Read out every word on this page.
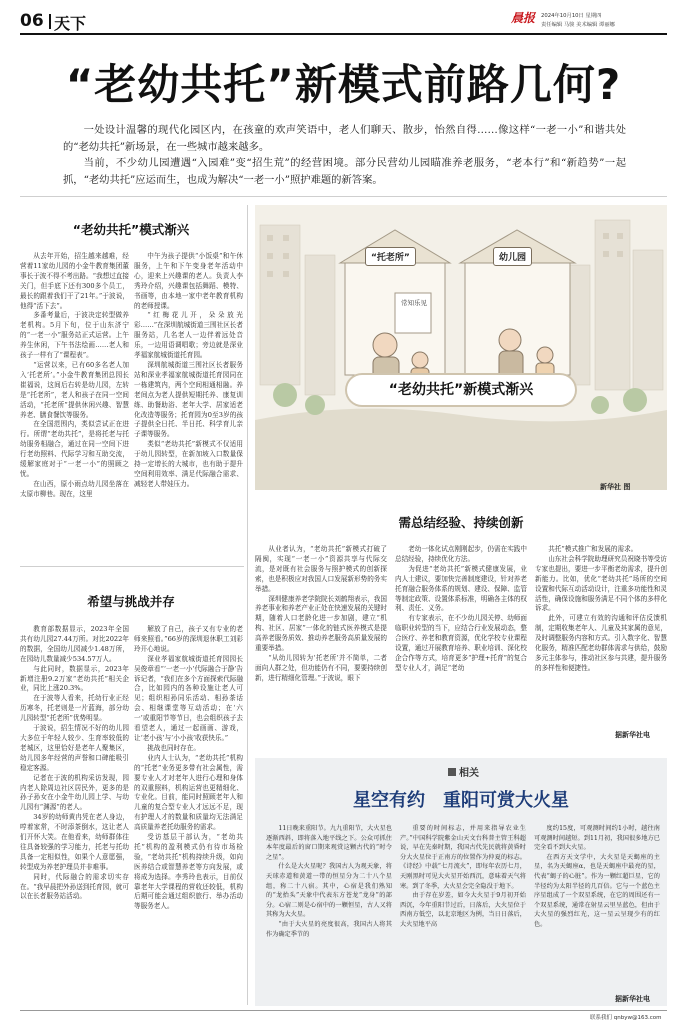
06 天下	晨报 2024年10月10日 星期四
责任编辑 马骏 美术编辑 谭丽娜
“老幼共托”新模式前路几何?

一处设计温馨的现代化园区内，在孩童的欢声笑语中，老人们聊天、散步，怡然自得……像这样“一老一小”和谐共处的“老幼共托”新场景，在一些城市越来越多。

当前，不少幼儿园遭遇“入园难”变“招生荒”的经营困境。部分民营幼儿园瞄准养老服务，“老本行”和“新趋势”一起抓，“老幼共托”应运而生，也成为解决“一老一小”照护难题的新答案。

“老幼共托”模式渐兴

从去年开始，招生越来越难，经营着11家幼儿园的小金牛教育集团董事长于波不得不考出路。“我想过直接关门，但手底下还有300多个员工，最长的跟着我们干了21年。”于波说，他得“活下去”。

多番考量后，于波决定转型做养老机构。5月下旬，位于山东济宁的“一老一小”服务站正式运营。上午养生休闲，下午书法绘画……老人和孩子一样有了“课程表”。

“运营以来，已有60多名老人加入‘托老所’。”小金牛教育集团总园长崔福说，这间后右转是幼儿园，左转是“托老所”，老人和孩子在同一空间活动，“托老所”提供休闲兴趣、智慧养老、膳食餐饮等服务。

在全国范围内，类似尝试正在进行。所谓“老幼共托”，是将托老与托幼服务相融合，通过在同一空间下进行老幼照料、代际学习和互助交流，缓解家庭对于“一老一小”的照顾之忧。

在山西，原小雨点幼儿园坐落在太原市柳巷。现在，这里

中午为孩子提供“小饭桌”和午休服务，上午和下午变身老年活动中心，迎来上兴趣课的老人。负责人李秀玲介绍，兴趣课包括舞蹈、模特、书画等，由本地一家中老年教育机构的老师授课。

“红梅花儿开，朵朵放光彩……”在深圳航城街道三围社区长者服务站，几名老人一边伴着远处音乐，一边用语调唱歌；旁边就是深业孝福家航城街道托育园。

深圳航城街道三围社区长者服务站和深业孝福家航城街道托育园同在一栋建筑内，两个空间相通相融。养老间点为老人提供短期托养、康复训练、助餐助浴、老年大学、居家适老化改造等服务；托育园为0至3岁的孩子提供全日托、半日托、科学育儿亲子课等服务。

类似“老幼共托”新模式不仅适用于幼儿园转型，在新加坡入口数量保持一定增长的大城市，也有助于提升空间利用效率、满足代际融合需求、减轻老人带娃压力。

“托老所”	幼儿园
常知乐见
“老幼共托”新模式渐兴
新华社 图
希望与挑战并存

教育部数据显示，2023年全国共有幼儿园27.44万所。对比2022年的数据，全国幼儿园减少1.48万所，在园幼儿数量减少534.57万人。

与此同时，数据显示，2023年新增注册9.2万家“老幼共托”相关企业，同比上涨20.3%。

在于波等人看来，托幼行业正经历寒冬，托老则是一片蓝海，部分幼儿园转型“托老所”优势明显。

于波说，招生情况不好的幼儿园大多位于年轻人较少、生育率较低的老城区，这里恰好是老年人聚集区，幼儿园多年经营的声誉和口碑能吸引稳定客源。

记者在于波的机构采访发现，园内老人除周边社区居民外，更多的是孙子孙女在小金牛幼儿园上学、与幼儿园有“渊源”的老人。

34岁的幼师黄冉凭在老人身边，哼着家常，不时添茶倒水，这让老人们开怀大笑。在他看来，幼师群体往往具备较强的学习能力，托老与托幼具备一定相似性，如果个人意愿强，转型成为养老护理员并非难事。

同时，代际融合的需求切实存在。“我早晨把外孙送到托育园，就可以在长者服务站活动。

解放了自己，孩子又有专业的老师来照看。”66岁的深圳退休职工刘彩玲开心地说。

深业孝福家航城街道托育园园长吴俊章看“‘一老一小’代际融合于静’告诉记者，“我们在多个方面探索代际融合，比如园内的各种设施让老人可见；组织相孙同乐活动、相孙茶话会、相继课堂等互动活动；在‘六一’或重阳节等节日，也会组织孩子去看望老人，通过一起画画、游戏，让‘老小孩’与‘小小孩’收获快乐。”

挑战也同时存在。

业内人士认为，“老幼共托”机构的“托老”业务更多带有社会属性，需要专业人才对老年人进行心理和身体的双重照料，机构运营也更精细化、专业化。目前，能同时照顾老年人和儿童的复合型专业人才远远不足，现有护理人才的数量和质量均无法满足高质量养老托幼服务的需求。

受访基层干部认为，“老幼共托”机构的盈利模式仍有待市场检验，“老幼共托”机构持续升级，如向医养结合或智慧养老等方向发展，或将成为选择。李秀玲也表示，目前仅靠老年大学课程的营收还较低，机构后期可能会通过组织旅行、举办活动等服务老人。

需总结经验、持续创新

从业者认为，“老幼共托”新模式打破了隔阂，实现“一老一小”资源共享与代际交流，是对既有社会服务与照护模式的创新探索，也是积极应对我国人口发展新形势的务实举措。

深圳健康养老学院院长刘鹤翔表示，我国养老事业和养老产业正处在快速发展的关键时期，随着人口老龄化进一步加剧，建立“机构、社区、居家”一体化的链式医养模式是提高养老服务质效、推动养老服务高质量发展的重要举措。

“从幼儿园转为‘托老所’并不简单，二者面向人群之处，但功能仍有不同，要要持续创新，进行精细化管理。”于波说，眼下

老幼一体化试点刚刚起步，仍需在实践中总结经验，持续优化方法。

为促进“老幼共托”新模式健康发展，业内人士建议，要加快完善制度建设，针对养老托育融合服务体系的规划、建设、保障、监管等制定政策、设置体系标准，明确各主体的权利、责任、义务。

有专家表示，在不少幼儿园关停、幼师面临职业转型的当下，应结合行业发展动态，整合医疗、养老和教育资源，优化学校专业课程设置，通过开展教育培养、职业培训、深化校企合作等方式，培育更多“护理+托育”的复合型专业人才，满足“老幼

共托”模式推广和发展的需求。

山东社会科学院助理研究员祝晓书等受访专家也提出，要进一步平衡老幼需求，提升创新能力。比如，优化“老幼共托”场所的空间设置和代际互动活动设计，注重多功能性和灵活性，确保设施和服务满足不同个体的多样化诉求。

此外，可建立有效的沟通和评估反馈机制，定期收集老年人、儿童及其家属的意见，及时调整服务内容和方式。引入数字化、智慧化服务，精准匹配老幼群体需求与供给，鼓励多元主体参与，推动社区参与共建，提升服务的多样性和便捷性。

据新华社电
相关
星空有约　重阳可赏大火星

11日晚来重阳节。九九重阳节，大火星也逐渐西斜，即将落入地平线之下。公众可抓住本年度最后的窗口期来观赏这颗古代的“时令之星”。

什么是大火星呢？我国古人为观天象，将天球赤道和黄道一带的恒星分为二十八个星组，称二十八宿。其中，心宿是我们熟知的“龙抬头”天象中代表东方苍龙“龙身”的部分。心宿二则是心宿中的一颗恒星，古人又将其称为大火星。

“由于大火星的亮度很高，我国古人将其作为确定季节的

重要的时间标志，并用来指导农业生产。”中国科学院紫金山天文台科普主管王科超说，早在先秦时期，我国古代先民就将黄昏时分大火星位于正南方的位置作为仲夏的标志。《诗经》中载“七月流火”，即每年农历七月，天刚黑时可见大火星开始西沉，意味着天气将寒。到了冬季，大火星会完全隐没于地下。

由于存在岁差，如今大火星于9月初开始西沉，今年重阳节过后，日落后，大火星位于西南方低空，以北京地区为例，当日日落后，大火星地平高

度约15度，可观测时间约1小时，越往南可观测时间越短。到11月初，我国很多地方已完全看不到大火星。

在西方天文学中，大火星是天蝎座的主星，名为天蝎座α，也是天蝎座中最亮的星，代表“蝎子的心脏”。作为一颗红超巨星，它的半径约为太阳半径的几百倍。它与一个蓝色主序星组成了一个双星系统，在它的周围还有一个双星系统，通常在射星云里呈蓝色，但由于大火星的强烈红光，这一星云呈现少有的红色。

据新华社电
联系我们 qnbyw@163.com
